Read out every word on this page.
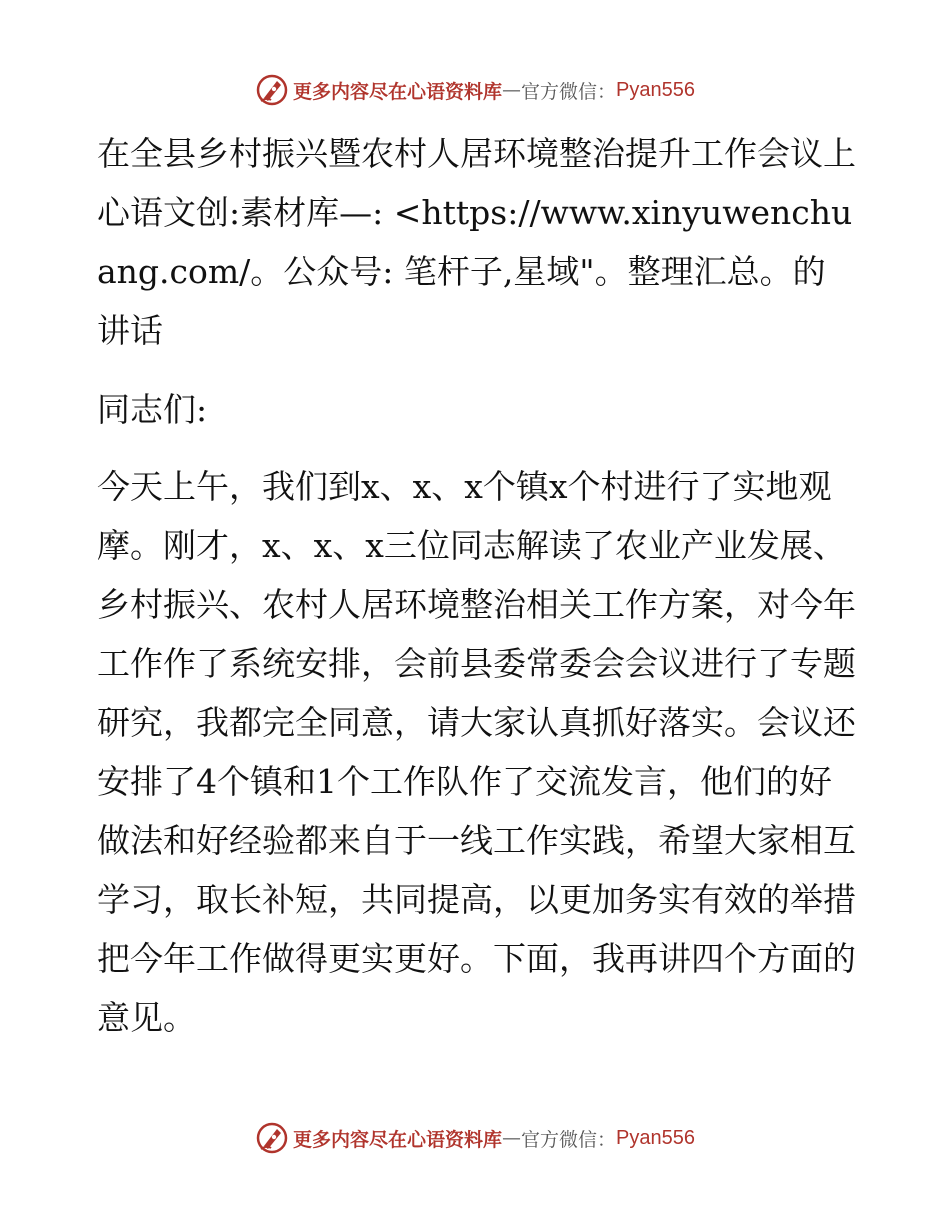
更多内容尽在心语资料库 — 官方微信： Pyan556
在全县乡村振兴暨农村人居环境整治提升工作会议上心语文创:素材库—: <https://www.xinyuwenchuang.com/。公众号: 笔杆子,星域"。整理汇总。的讲话

同志们:

今天上午，我们到x、x、x个镇x个村进行了实地观摩。刚才，x、x、x三位同志解读了农业产业发展、乡村振兴、农村人居环境整治相关工作方案，对今年工作作了系统安排，会前县委常委会会议进行了专题研究，我都完全同意，请大家认真抓好落实。会议还安排了4个镇和1个工作队作了交流发言，他们的好做法和好经验都来自于一线工作实践，希望大家相互学习，取长补短，共同提高，以更加务实有效的举措把今年工作做得更实更好。下面，我再讲四个方面的意见。

更多内容尽在心语资料库 — 官方微信： Pyan556
